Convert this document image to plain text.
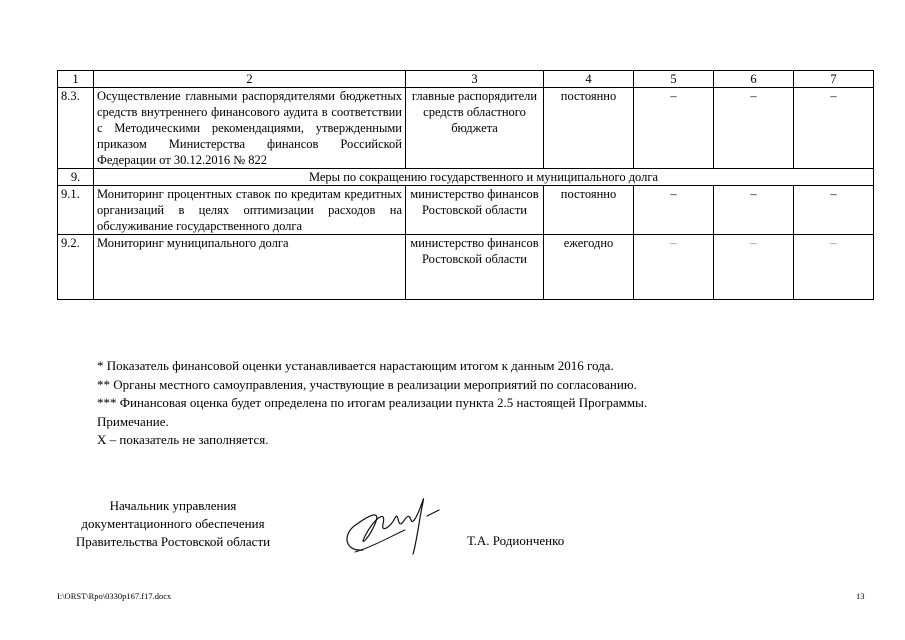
1	2	3	4	5	6	7
8.3.	Осуществление главными распорядителями бюджетных средств внутреннего финансового аудита в соответствии с Методическими рекомендациями, утвержденными приказом Министерства финансов Российской Федерации от 30.12.2016 № 822	главные распорядители средств областного бюджета	постоянно	–	–	–
9.	Меры по сокращению государственного и муниципального долга					
9.1.	Мониторинг процентных ставок по кредитам кредитных организаций в целях оптимизации расходов на обслуживание государственного долга	министерство финансов Ростовской области	постоянно	–	–	–
9.2.	Мониторинг муниципального долга	министерство финансов Ростовской области	ежегодно	–	–	–
* Показатель финансовой оценки устанавливается нарастающим итогом к данным 2016 года.
** Органы местного самоуправления, участвующие в реализации мероприятий по согласованию.
*** Финансовая оценка будет определена по итогам реализации пункта 2.5 настоящей Программы.
Примечание.
Х – показатель не заполняется.
Начальник управления
документационного обеспечения
Правительства Ростовской области	Т.А. Родионченко
I:\ORST\Rpo\0330p167.f17.docx	13
